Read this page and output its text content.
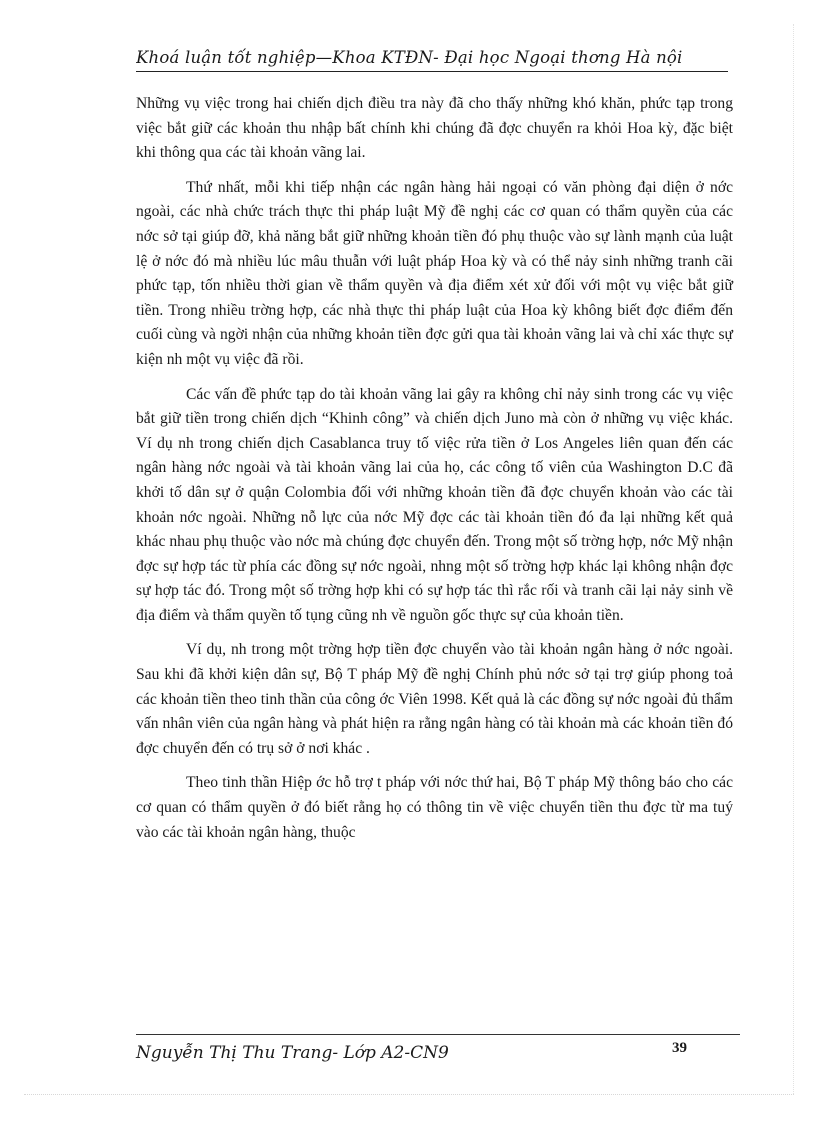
Khoá luận tốt nghiệp—Khoa KTĐN- Đại học Ngoại thơng Hà nội

Những vụ việc trong hai chiến dịch điều tra này đã cho thấy những khó khăn, phức tạp trong việc bắt giữ các khoản thu nhập bất chính khi chúng đã đợc chuyển ra khỏi Hoa kỳ, đặc biệt khi thông qua các tài khoản vãng lai.

Thứ nhất, mỗi khi tiếp nhận các ngân hàng hải ngoại có văn phòng đại diện ở nớc ngoài, các nhà chức trách thực thi pháp luật Mỹ đề nghị các cơ quan có thẩm quyền của các nớc sở tại giúp đỡ, khả năng bắt giữ những khoản tiền đó phụ thuộc vào sự lành mạnh của luật lệ ở nớc đó mà nhiều lúc mâu thuẫn với luật pháp Hoa kỳ và có thể nảy sinh những tranh cãi phức tạp, tốn nhiều thời gian về thẩm quyền và địa điểm xét xử đối với một vụ việc bắt giữ tiền. Trong nhiều trờng hợp, các nhà thực thi pháp luật của Hoa kỳ không biết đợc điểm đến cuối cùng và ngời nhận của những khoản tiền đợc gửi qua tài khoản vãng lai và chỉ xác thực sự kiện nh một vụ việc đã rồi.

Các vấn đề phức tạp do tài khoản vãng lai gây ra không chỉ nảy sinh trong các vụ việc bắt giữ tiền trong chiến dịch “Khinh công” và chiến dịch Juno mà còn ở những vụ việc khác. Ví dụ nh trong chiến dịch Casablanca truy tố việc rửa tiền ở Los Angeles liên quan đến các ngân hàng nớc ngoài và tài khoản vãng lai của họ, các công tố viên của Washington D.C đã khởi tố dân sự ở quận Colombia đối với những khoản tiền đã đợc chuyển khoản vào các tài khoản nớc ngoài. Những nỗ lực của nớc Mỹ đợc các tài khoản tiền đó đa lại những kết quả khác nhau phụ thuộc vào nớc mà chúng đợc chuyển đến. Trong một số trờng hợp, nớc Mỹ nhận đợc sự hợp tác từ phía các đồng sự nớc ngoài, nhng một số trờng hợp khác lại không nhận đợc sự hợp tác đó. Trong một số trờng hợp khi có sự hợp tác thì rắc rối và tranh cãi lại nảy sinh về địa điểm và thẩm quyền tố tụng cũng nh về nguồn gốc thực sự của khoản tiền.

Ví dụ, nh trong một trờng hợp tiền đợc chuyển vào tài khoản ngân hàng ở nớc ngoài. Sau khi đã khởi kiện dân sự, Bộ T pháp Mỹ đề nghị Chính phủ nớc sở tại trợ giúp phong toả các khoản tiền theo tinh thần của công ớc Viên 1998. Kết quả là các đồng sự nớc ngoài đủ thẩm vấn nhân viên của ngân hàng và phát hiện ra rằng ngân hàng có tài khoản mà các khoản tiền đó đợc chuyển đến có trụ sở ở nơi khác .

Theo tinh thần Hiệp ớc hỗ trợ t pháp với nớc thứ hai, Bộ T pháp Mỹ thông báo cho các cơ quan có thẩm quyền ở đó biết rằng họ có thông tin về việc chuyển tiền thu đợc từ ma tuý vào các tài khoản ngân hàng, thuộc

Nguyễn Thị Thu Trang- Lớp A2-CN9	39
